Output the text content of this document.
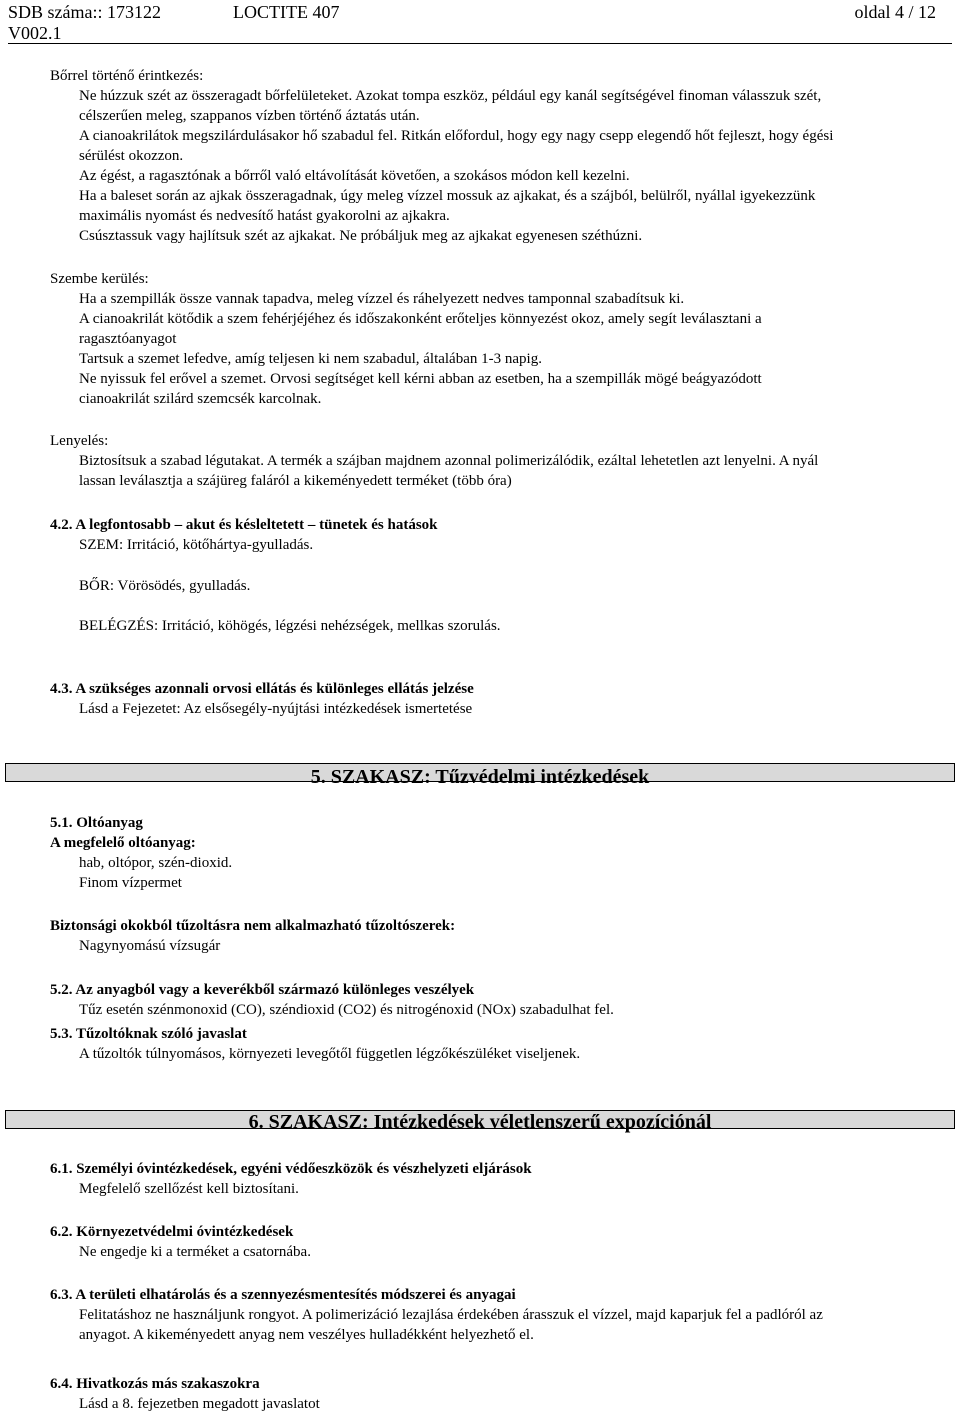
SDB száma:: 173122	LOCTITE 407	oldal 4 / 12
V002.1

Bőrrel történő érintkezés:

Ne húzzuk szét az összeragadt bőrfelületeket. Azokat tompa eszköz, például egy kanál segítségével finoman válasszuk szét,

célszerűen meleg, szappanos vízben történő áztatás után.

A cianoakrilátok megszilárdulásakor hő szabadul fel. Ritkán előfordul, hogy egy nagy csepp elegendő hőt fejleszt, hogy égési

sérülést okozzon.

Az égést, a ragasztónak a bőrről való eltávolítását követően, a szokásos módon kell kezelni.

Ha a baleset során az ajkak összeragadnak, úgy meleg vízzel mossuk az ajkakat, és a szájból, belülről, nyállal igyekezzünk

maximális nyomást és nedvesítő hatást gyakorolni az ajkakra.

Csúsztassuk vagy hajlítsuk szét az ajkakat. Ne próbáljuk meg az ajkakat egyenesen széthúzni.

Szembe kerülés:

Ha a szempillák össze vannak tapadva, meleg vízzel és ráhelyezett nedves tamponnal szabadítsuk ki.

A cianoakrilát kötődik a szem fehérjéjéhez és időszakonként erőteljes könnyezést okoz, amely segít leválasztani a

ragasztóanyagot

Tartsuk a szemet lefedve, amíg teljesen ki nem szabadul, általában 1-3 napig.

Ne nyissuk fel erővel a szemet. Orvosi segítséget kell kérni abban az esetben, ha a szempillák mögé beágyazódott

cianoakrilát szilárd szemcsék karcolnak.

Lenyelés:

Biztosítsuk a szabad légutakat. A termék a szájban majdnem azonnal polimerizálódik, ezáltal lehetetlen azt lenyelni. A nyál

lassan leválasztja a szájüreg faláról a kikeményedett terméket (több óra)

4.2. A legfontosabb – akut és késleltetett – tünetek és hatások

SZEM: Irritáció, kötőhártya-gyulladás.

BŐR: Vörösödés, gyulladás.
BELÉGZÉS: Irritáció, köhögés, légzési nehézségek, mellkas szorulás.

4.3. A szükséges azonnali orvosi ellátás és különleges ellátás jelzése

Lásd a Fejezetet: Az elsősegély-nyújtási intézkedések ismertetése

5. SZAKASZ: Tűzvédelmi intézkedések

5.1. Oltóanyag

A megfelelő oltóanyag:

hab, oltópor, szén-dioxid.

Finom vízpermet

Biztonsági okokból tűzoltásra nem alkalmazható tűzoltószerek:

Nagynyomású vízsugár

5.2. Az anyagból vagy a keverékből származó különleges veszélyek

Tűz esetén szénmonoxid (CO), széndioxid (CO2) és nitrogénoxid (NOx) szabadulhat fel.

5.3. Tűzoltóknak szóló javaslat

A tűzoltók túlnyomásos, környezeti levegőtől független légzőkészüléket viseljenek.

6. SZAKASZ: Intézkedések véletlenszerű expozíciónál

6.1. Személyi óvintézkedések, egyéni védőeszközök és vészhelyzeti eljárások

Megfelelő szellőzést kell biztosítani.

6.2. Környezetvédelmi óvintézkedések

Ne engedje ki a terméket a csatornába.

6.3. A területi elhatárolás és a szennyezésmentesítés módszerei és anyagai

Felitatáshoz ne használjunk rongyot. A polimerizáció lezajlása érdekében árasszuk el vízzel, majd kaparjuk fel a padlóról az

anyagot. A kikeményedett anyag nem veszélyes hulladékként helyezhető el.

6.4. Hivatkozás más szakaszokra

Lásd a 8. fejezetben megadott javaslatot
